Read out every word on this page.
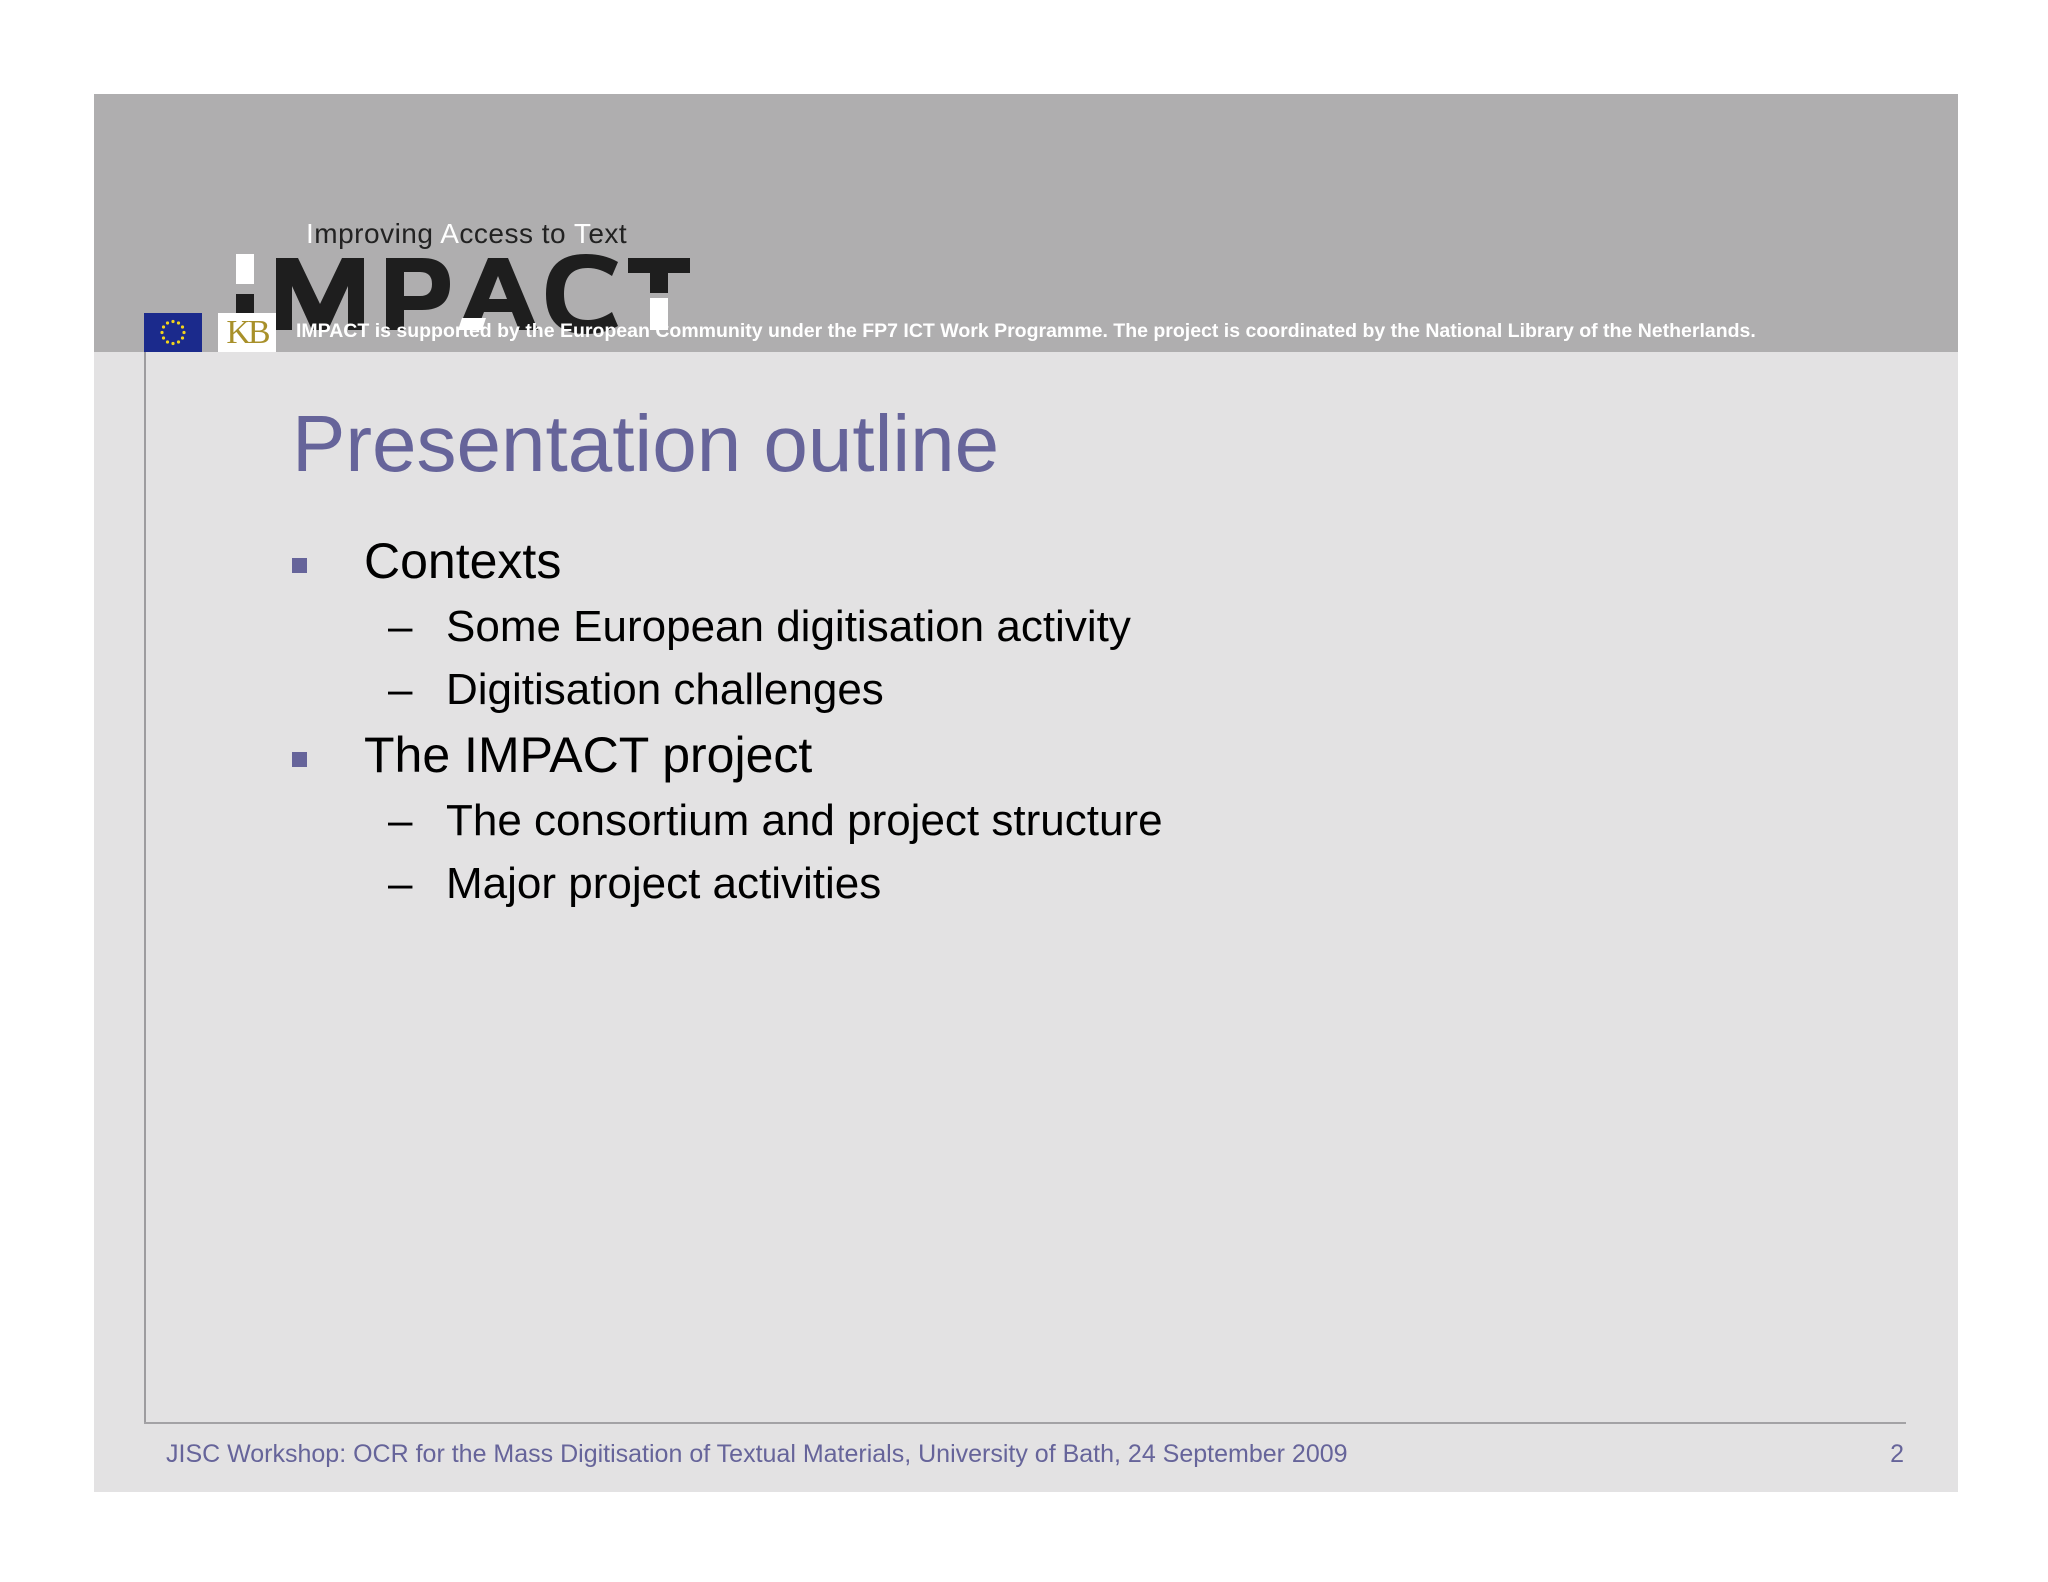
Improving Access to Text
KB	IMPACT is supported by the European Community under the FP7 ICT Work Programme. The project is coordinated by the National Library of the Netherlands.
Presentation outline
Contexts
– Some European digitisation activity
– Digitisation challenges
The IMPACT project
– The consortium and project structure
– Major project activities
JISC Workshop: OCR for the Mass Digitisation of Textual Materials, University of Bath, 24 September 2009	2
